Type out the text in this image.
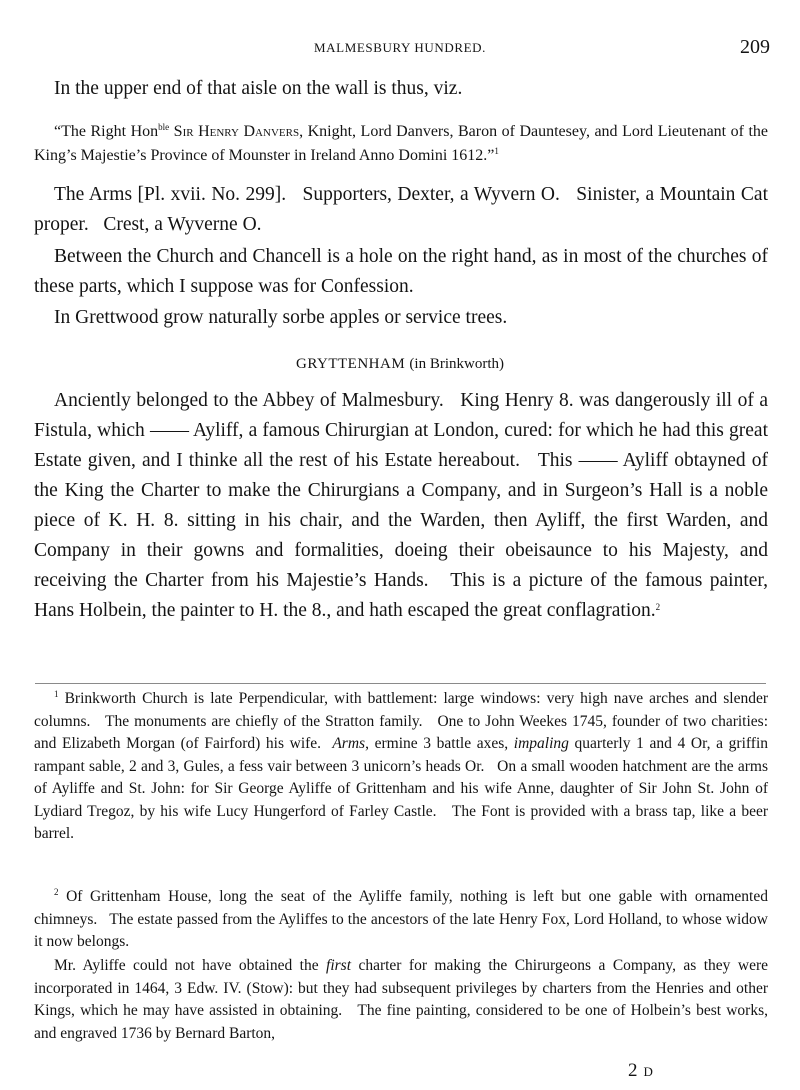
MALMESBURY HUNDRED.	209

In the upper end of that aisle on the wall is thus, viz.

“The Right Hon$^{ble}$ Sir Henry Danvers, Knight, Lord Danvers, Baron of Dauntesey, and Lord Lieutenant of the King’s Majestie’s Province of Mounster in Ireland Anno Domini 1612.”$^1$

The Arms [Pl. xvii. No. 299].   Supporters, Dexter, a Wyvern O.   Sinister, a Mountain Cat proper.   Crest, a Wyverne O.

Between the Church and Chancell is a hole on the right hand, as in most of the churches of these parts, which I suppose was for Confession.

In Grettwood grow naturally sorbe apples or service trees.

GRYTTENHAM (in Brinkworth)

Anciently belonged to the Abbey of Malmesbury.   King Henry 8. was dangerously ill of a Fistula, which —— Ayliff, a famous Chirurgian at London, cured: for which he had this great Estate given, and I thinke all the rest of his Estate hereabout.   This —— Ayliff obtayned of the King the Charter to make the Chirurgians a Company, and in Surgeon’s Hall is a noble piece of K. H. 8. sitting in his chair, and the Warden, then Ayliff, the first Warden, and Company in their gowns and formalities, doeing their obeisaunce to his Majesty, and receiving the Charter from his Majestie’s Hands.   This is a picture of the famous painter, Hans Holbein, the painter to H. the 8., and hath escaped the great conflagration.$^2$

$^1$ Brinkworth Church is late Perpendicular, with battlement: large windows: very high nave arches and slender columns.   The monuments are chiefly of the Stratton family.   One to John Weekes 1745, founder of two charities: and Elizabeth Morgan (of Fairford) his wife.  Arms, ermine 3 battle axes, impaling quarterly 1 and 4 Or, a griffin rampant sable, 2 and 3, Gules, a fess vair between 3 unicorn’s heads Or.   On a small wooden hatchment are the arms of Ayliffe and St. John: for Sir George Ayliffe of Grittenham and his wife Anne, daughter of Sir John St. John of Lydiard Tregoz, by his wife Lucy Hungerford of Farley Castle.   The Font is provided with a brass tap, like a beer barrel.

$^2$ Of Grittenham House, long the seat of the Ayliffe family, nothing is left but one gable with ornamented chimneys.   The estate passed from the Ayliffes to the ancestors of the late Henry Fox, Lord Holland, to whose widow it now belongs.

Mr. Ayliffe could not have obtained the first charter for making the Chirurgeons a Company, as they were incorporated in 1464, 3 Edw. IV. (Stow): but they had subsequent privileges by charters from the Henries and other Kings, which he may have assisted in obtaining.   The fine painting, considered to be one of Holbein’s best works, and engraved 1736 by Bernard Barton,

2 D
